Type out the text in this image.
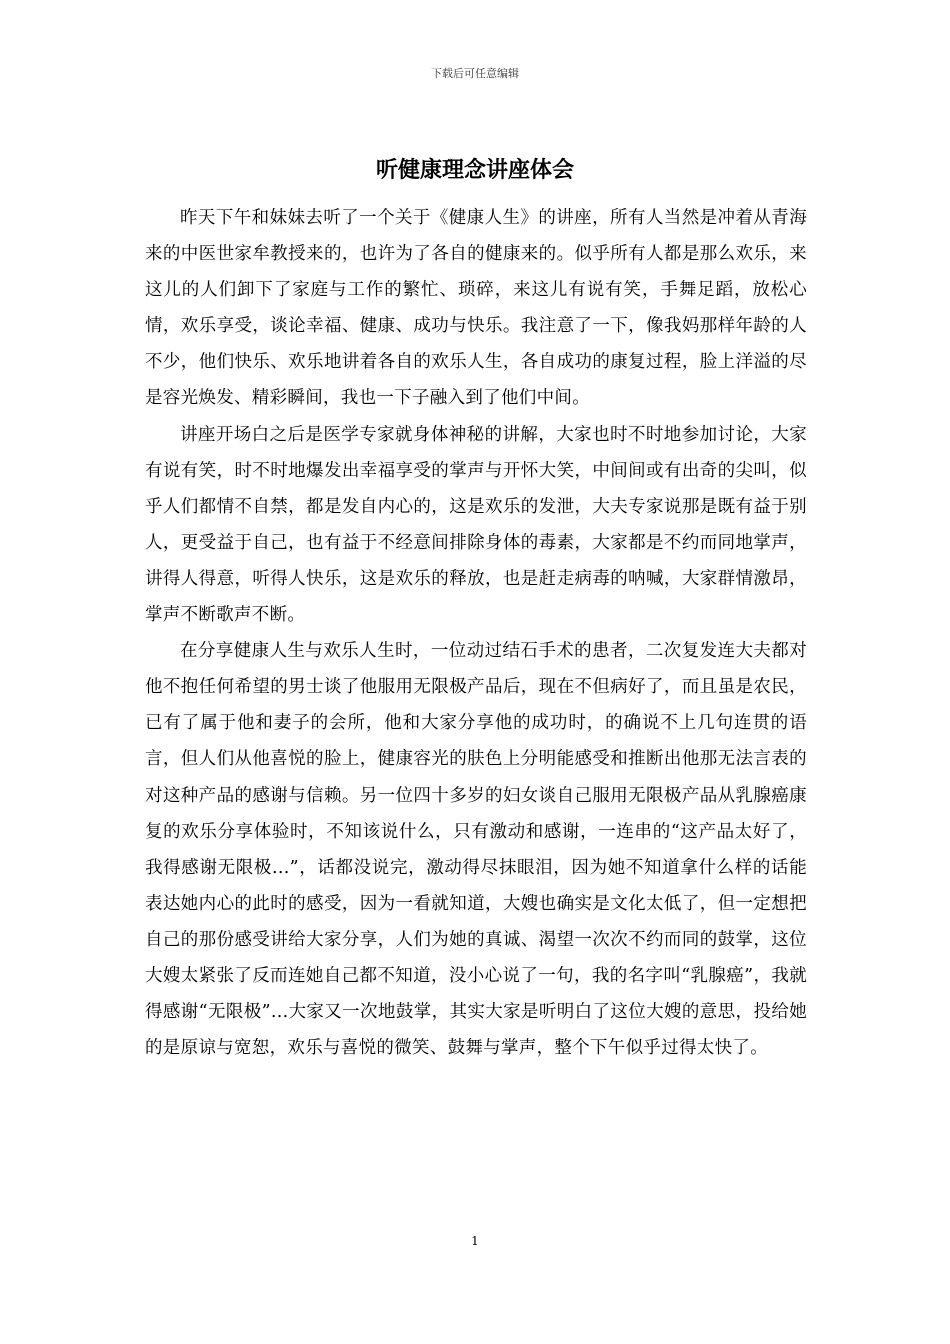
下载后可任意编辑
听健康理念讲座体会

昨天下午和妹妹去听了一个关于《健康人生》的讲座，所有人当然是冲着从青海来的中医世家牟教授来的，也许为了各自的健康来的。似乎所有人都是那么欢乐，来这儿的人们卸下了家庭与工作的繁忙、琐碎，来这儿有说有笑，手舞足蹈，放松心情，欢乐享受，谈论幸福、健康、成功与快乐。我注意了一下，像我妈那样年龄的人不少，他们快乐、欢乐地讲着各自的欢乐人生，各自成功的康复过程，脸上洋溢的尽是容光焕发、精彩瞬间，我也一下子融入到了他们中间。

讲座开场白之后是医学专家就身体神秘的讲解，大家也时不时地参加讨论，大家有说有笑，时不时地爆发出幸福享受的掌声与开怀大笑，中间间或有出奇的尖叫，似乎人们都情不自禁，都是发自内心的，这是欢乐的发泄，大夫专家说那是既有益于别人，更受益于自己，也有益于不经意间排除身体的毒素，大家都是不约而同地掌声，讲得人得意，听得人快乐，这是欢乐的释放，也是赶走病毒的呐喊，大家群情激昂，掌声不断歌声不断。

在分享健康人生与欢乐人生时，一位动过结石手术的患者，二次复发连大夫都对他不抱任何希望的男士谈了他服用无限极产品后，现在不但病好了，而且虽是农民，已有了属于他和妻子的会所，他和大家分享他的成功时，的确说不上几句连贯的语言，但人们从他喜悦的脸上，健康容光的肤色上分明能感受和推断出他那无法言表的对这种产品的感谢与信赖。另一位四十多岁的妇女谈自己服用无限极产品从乳腺癌康复的欢乐分享体验时，不知该说什么，只有激动和感谢，一连串的“这产品太好了，我得感谢无限极...”，话都没说完，激动得尽抹眼泪，因为她不知道拿什么样的话能表达她内心的此时的感受，因为一看就知道，大嫂也确实是文化太低了，但一定想把自己的那份感受讲给大家分享，人们为她的真诚、渴望一次次不约而同的鼓掌，这位大嫂太紧张了反而连她自己都不知道，没小心说了一句，我的名字叫“乳腺癌”，我就得感谢“无限极”...大家又一次地鼓掌，其实大家是听明白了这位大嫂的意思，投给她的是原谅与宽恕，欢乐与喜悦的微笑、鼓舞与掌声，整个下午似乎过得太快了。

1
